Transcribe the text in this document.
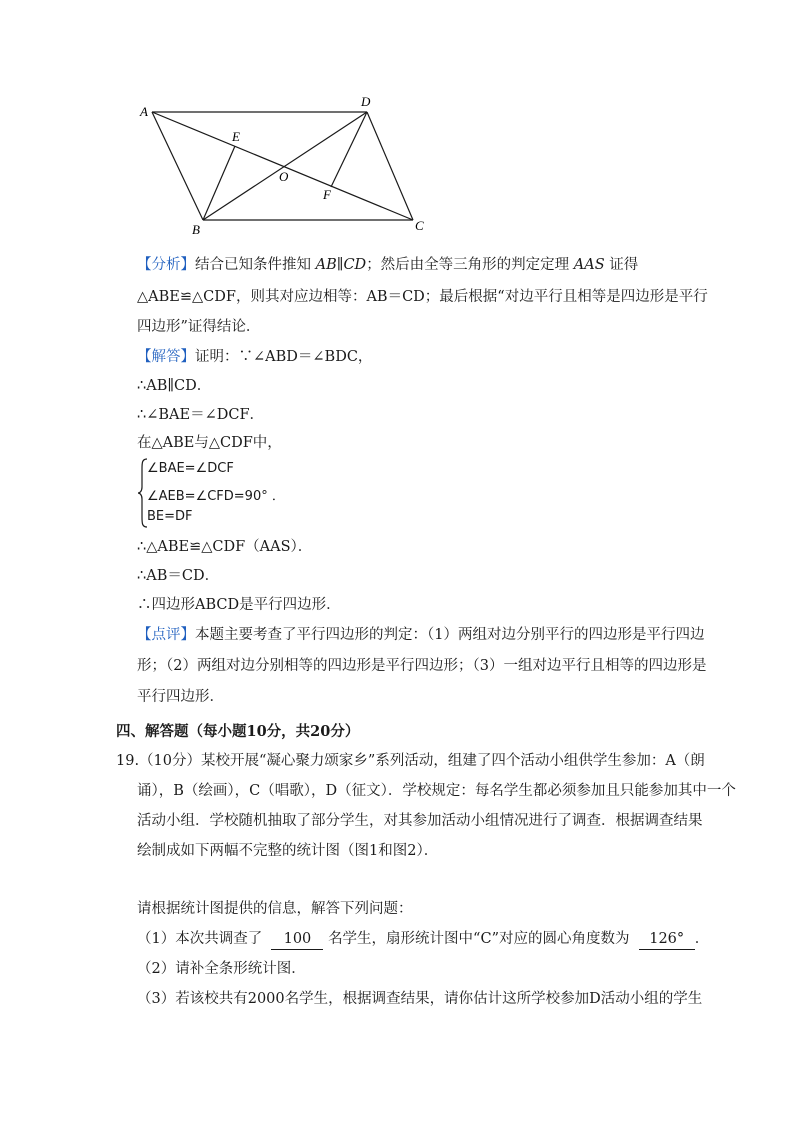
A
D
E
O
F
B	C
【分析】结合已知条件推知 AB∥CD；然后由全等三角形的判定定理 AAS 证得
△ABE≌△CDF，则其对应边相等：AB＝CD；最后根据“对边平行且相等是四边形是平行
四边形”证得结论．
【解答】证明：∵∠ABD＝∠BDC，
∴AB∥CD．
∴∠BAE＝∠DCF．
在△ABE与△CDF中，
∠BAE=∠DCF
∠AEB=∠CFD=90° ．
BE=DF
∴△ABE≌△CDF（AAS）．
∴AB＝CD．
∴四边形ABCD是平行四边形．
【点评】本题主要考查了平行四边形的判定：（1）两组对边分别平行的四边形是平行四边
形；（2）两组对边分别相等的四边形是平行四边形；（3）一组对边平行且相等的四边形是
平行四边形．
四、解答题（每小题10分，共20分）
19.（10分）某校开展“凝心聚力颂家乡”系列活动，组建了四个活动小组供学生参加：A（朗
诵），B（绘画），C（唱歌），D（征文）．学校规定：每名学生都必须参加且只能参加其中一个
活动小组．学校随机抽取了部分学生，对其参加活动小组情况进行了调查．根据调查结果
绘制成如下两幅不完整的统计图（图1和图2）．
请根据统计图提供的信息，解答下列问题：
（1）本次共调查了 100 名学生，扇形统计图中“C”对应的圆心角度数为 126° ．
（2）请补全条形统计图．
（3）若该校共有2000名学生，根据调查结果，请你估计这所学校参加D活动小组的学生
